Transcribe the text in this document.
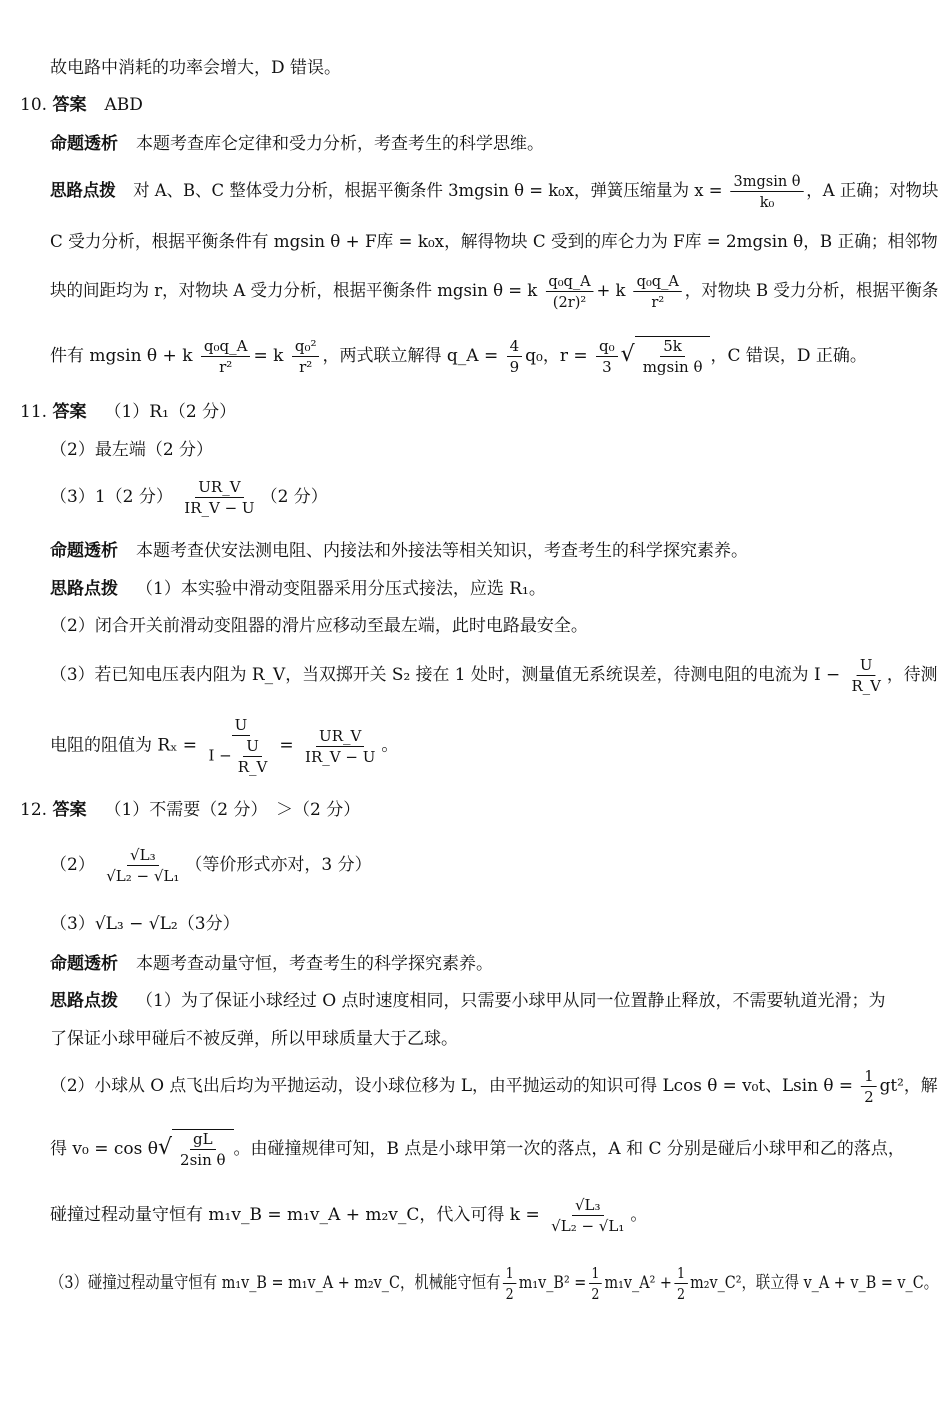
故电路中消耗的功率会增大，D 错误。
10. 答案 ABD
命题透析 本题考查库仑定律和受力分析，考查考生的科学思维。
思路点拨 对 A、B、C 整体受力分析，根据平衡条件 3mgsin θ = k₀x，弹簧压缩量为 $x = \frac{\text{3mgsin θ}}{\text{k₀}}$ ，A 正确；对物块
C 受力分析，根据平衡条件有 mgsin θ + F库 = k₀x，解得物块 C 受到的库仑力为 F库 = 2mgsin θ，B 正确；相邻物
块的间距均为 r，对物块 A 受力分析，根据平衡条件 mgsin θ = k $\frac{\text{q₀q\_A}}{\text{(2r)²}} + k \frac{\text{q₀q\_A}}{\text{r²}}$ ，对物块 B 受力分析，根据平衡条
件有 mgsin θ + k $\frac{\text{q₀q\_A}}{\text{r²}} = k \frac{\text{q₀²}}{\text{r²}}$ ，两式联立解得 q_A = $\frac{4}{9} q_0$，$r = \frac{\text{q₀}}{3}$ √ $\frac{5k}{\text{mgsin θ}}$ ，C 错误，D 正确。
11. 答案 （1）R₁（2 分）
（2）最左端（2 分）
（3）1（2 分） $\frac{UR\_V}{IR\_V - U} (2$ 分）
命题透析 本题考查伏安法测电阻、内接法和外接法等相关知识，考查考生的科学探究素养。
思路点拨 （1）本实验中滑动变阻器采用分压式接法，应选 R₁。
（2）闭合开关前滑动变阻器的滑片应移动至最左端，此时电路最安全。
（3）若已知电压表内阻为 R_V，当双掷开关 S₂ 接在 1 处时，测量值无系统误差，待测电阻的电流为 $I - \frac{U}{R\_V}$ ，待测
电阻的阻值为 $R_x = \frac{U}{I - \frac{U}{R\_V}} = \frac{UR\_V}{IR\_V - U}$ 。
12. 答案 （1）不需要（2 分）　＞（2 分）
$(2) \frac{\text{√L₃}}{\text{√L₂ − √L₁}}$ （等价形式亦对，3 分）
（3）√L₃ − √L₂（3分）
命题透析 本题考查动量守恒，考查考生的科学探究素养。
思路点拨 （1）为了保证小球经过 O 点时速度相同，只需要小球甲从同一位置静止释放，不需要轨道光滑；为
了保证小球甲碰后不被反弹，所以甲球质量大于乙球。
（2）小球从 O 点飞出后均为平抛运动，设小球位移为 L，由平抛运动的知识可得 Lcos θ = v₀t、Lsin $\theta = \frac{1}{2} gt^2$，解
得 $v_0 = \cos \theta√ \frac{gL}{\text{2sin θ}}$ 。由碰撞规律可知，B 点是小球甲第一次的落点，A 和 C 分别是碰后小球甲和乙的落点，
碰撞过程动量守恒有 m₁v_B = m₁v_A + m₂v_C，代入可得 $k = \frac{\text{√L₃}}{\text{√L₂ − √L₁}}$ 。
（3）碰撞过程动量守恒有 m₁v_B = m₁v_A + m₂v_C，机械能守恒有 $\frac{1}{2}$ m₁v_B² = $\frac{1}{2}$ m₁v_A² + $\frac{1}{2}$ m₂v_C²，联立得 v_A + v_B = v_C。
